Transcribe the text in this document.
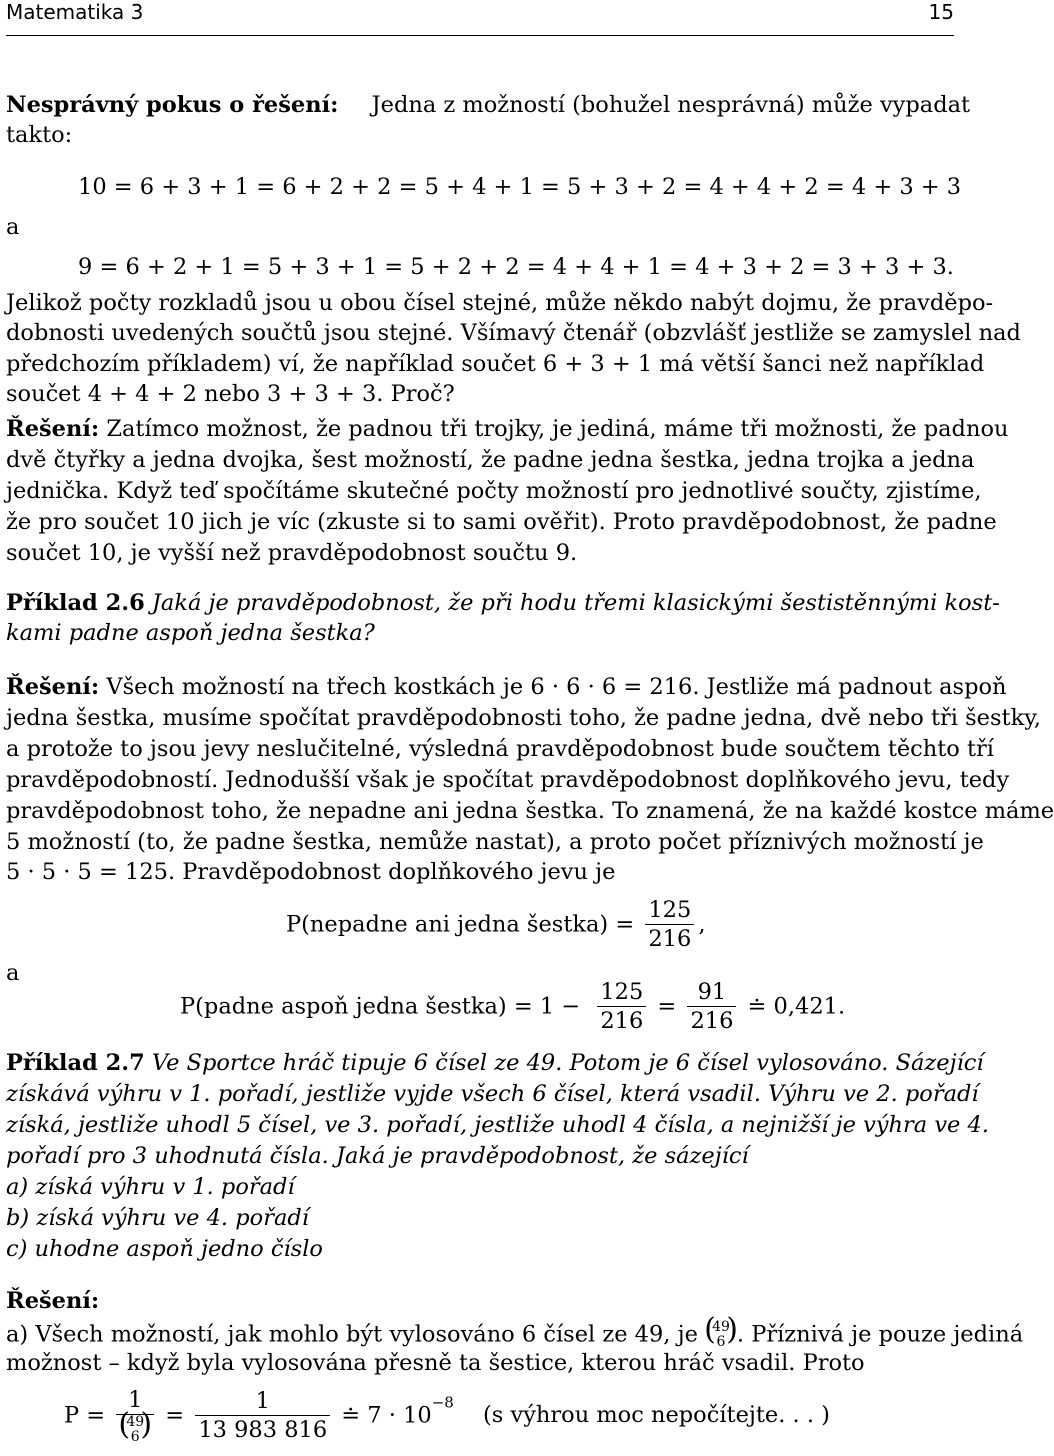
Matematika 3	15
Nesprávný pokus o řešení: Jedna z možností (bohužel nesprávná) může vypadat
takto:
10 = 6 + 3 + 1 = 6 + 2 + 2 = 5 + 4 + 1 = 5 + 3 + 2 = 4 + 4 + 2 = 4 + 3 + 3
a
9 = 6 + 2 + 1 = 5 + 3 + 1 = 5 + 2 + 2 = 4 + 4 + 1 = 4 + 3 + 2 = 3 + 3 + 3.
Jelikož počty rozkladů jsou u obou čísel stejné, může někdo nabýt dojmu, že pravděpo-
dobnosti uvedených součtů jsou stejné. Všímavý čtenář (obzvlášť jestliže se zamyslel nad
předchozím příkladem) ví, že například součet 6 + 3 + 1 má větší šanci než například
součet 4 + 4 + 2 nebo 3 + 3 + 3. Proč?
Řešení: Zatímco možnost, že padnou tři trojky, je jediná, máme tři možnosti, že padnou
dvě čtyřky a jedna dvojka, šest možností, že padne jedna šestka, jedna trojka a jedna
jednička. Když teď spočítáme skutečné počty možností pro jednotlivé součty, zjistíme,
že pro součet 10 jich je víc (zkuste si to sami ověřit). Proto pravděpodobnost, že padne
součet 10, je vyšší než pravděpodobnost součtu 9.
Příklad 2.6 Jaká je pravděpodobnost, že při hodu třemi klasickými šestistěnnými kost-
kami padne aspoň jedna šestka?
Řešení: Všech možností na třech kostkách je 6 · 6 · 6 = 216. Jestliže má padnout aspoň
jedna šestka, musíme spočítat pravděpodobnosti toho, že padne jedna, dvě nebo tři šestky,
a protože to jsou jevy neslučitelné, výsledná pravděpodobnost bude součtem těchto tří
pravděpodobností. Jednodušší však je spočítat pravděpodobnost doplňkového jevu, tedy
pravděpodobnost toho, že nepadne ani jedna šestka. To znamená, že na každé kostce máme
5 možností (to, že padne šestka, nemůže nastat), a proto počet příznivých možností je
5 · 5 · 5 = 125. Pravděpodobnost doplňkového jevu je
P(nepadne ani jedna šestka) = $\frac{125}{216}$ ,
a
P(padne aspoň jedna šestka) = $1 - \frac{125}{216} = \frac{91}{216}$ ≐ 0,421.
Příklad 2.7 Ve Sportce hráč tipuje 6 čísel ze 49. Potom je 6 čísel vylosováno. Sázející
získává výhru v 1. pořadí, jestliže vyjde všech 6 čísel, která vsadil. Výhru ve 2. pořadí
získá, jestliže uhodl 5 čísel, ve 3. pořadí, jestliže uhodl 4 čísla, a nejnižší je výhra ve 4.
pořadí pro 3 uhodnutá čísla. Jaká je pravděpodobnost, že sázející
a) získá výhru v 1. pořadí
b) získá výhru ve 4. pořadí
c) uhodne aspoň jedno číslo
Řešení:
a) Všech možností, jak mohlo být vylosováno 6 čísel ze 49, je (
49
6 ) . Příznivá je pouze jediná
možnost – když byla vylosována přesně ta šestice, kterou hráč vsadil. Proto
P = 1
(
49
6 ) = $\frac{1}{13 983 816}$ ≐ $7 \cdot 10^{-8}$ (s výhrou moc nepočítejte. . . )
